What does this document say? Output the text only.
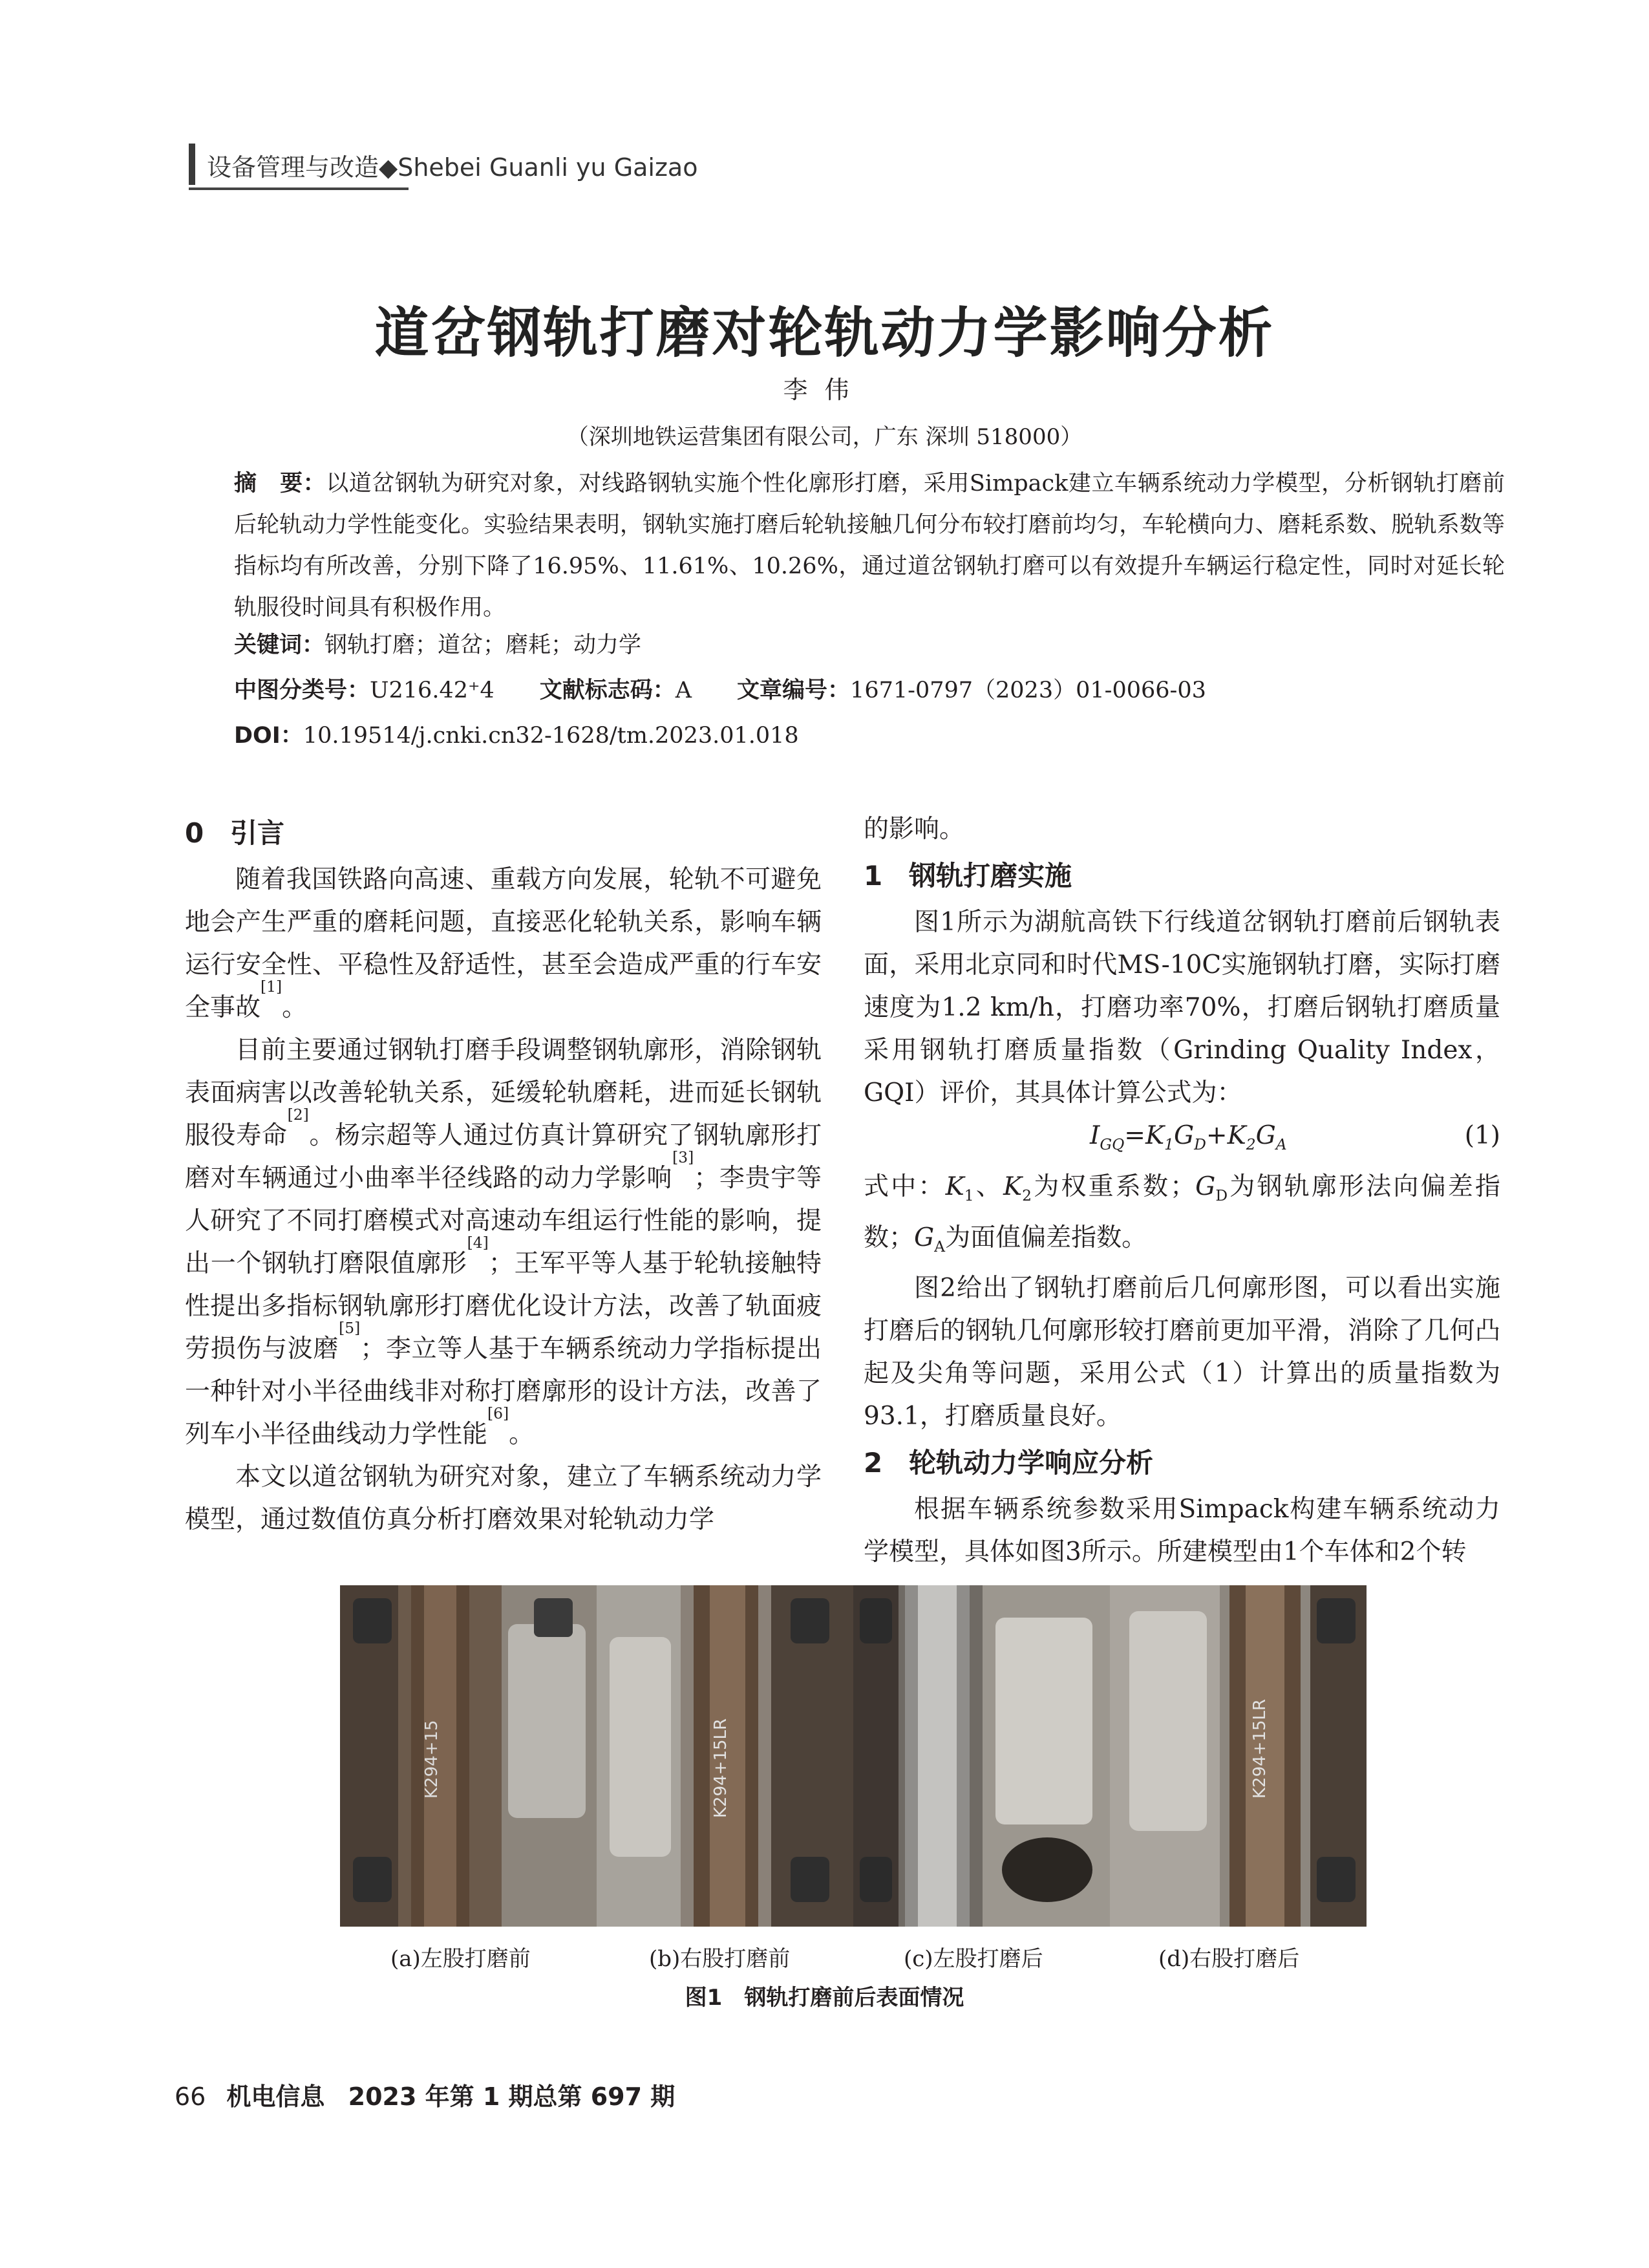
设备管理与改造◆Shebei Guanli yu Gaizao
道岔钢轨打磨对轮轨动力学影响分析
李伟
（深圳地铁运营集团有限公司，广东 深圳 518000）

摘　要：以道岔钢轨为研究对象，对线路钢轨实施个性化廓形打磨，采用Simpack建立车辆系统动力学模型，分析钢轨打磨前后轮轨动力学性能变化。实验结果表明，钢轨实施打磨后轮轨接触几何分布较打磨前均匀，车轮横向力、磨耗系数、脱轨系数等指标均有所改善，分别下降了16.95%、11.61%、10.26%，通过道岔钢轨打磨可以有效提升车辆运行稳定性，同时对延长轮轨服役时间具有积极作用。

关键词：钢轨打磨；道岔；磨耗；动力学
中图分类号：U216.42⁺4 文献标志码：A 文章编号：1671-0797（2023）01-0066-03
DOI：10.19514/j.cnki.cn32-1628/tm.2023.01.018
0 引言

随着我国铁路向高速、重载方向发展，轮轨不可避免地会产生严重的磨耗问题，直接恶化轮轨关系，影响车辆运行安全性、平稳性及舒适性，甚至会造成严重的行车安全事故[1]。

目前主要通过钢轨打磨手段调整钢轨廓形，消除钢轨表面病害以改善轮轨关系，延缓轮轨磨耗，进而延长钢轨服役寿命[2]。杨宗超等人通过仿真计算研究了钢轨廓形打磨对车辆通过小曲率半径线路的动力学影响[3]；李贵宇等人研究了不同打磨模式对高速动车组运行性能的影响，提出一个钢轨打磨限值廓形[4]；王军平等人基于轮轨接触特性提出多指标钢轨廓形打磨优化设计方法，改善了轨面疲劳损伤与波磨[5]；李立等人基于车辆系统动力学指标提出一种针对小半径曲线非对称打磨廓形的设计方法，改善了列车小半径曲线动力学性能[6]。

本文以道岔钢轨为研究对象，建立了车辆系统动力学模型，通过数值仿真分析打磨效果对轮轨动力学

的影响。

1 钢轨打磨实施

图1所示为湖航高铁下行线道岔钢轨打磨前后钢轨表面，采用北京同和时代MS-10C实施钢轨打磨，实际打磨速度为1.2 km/h，打磨功率70%，打磨后钢轨打磨质量采用钢轨打磨质量指数（Grinding Quality Index，GQI）评价，其具体计算公式为：

$I_{GQ}=K_1G_D+K_2G_A$	(1)

式中：$K_1$、$K_2$为权重系数；$G_D$为钢轨廓形法向偏差指数；$G_A$为面值偏差指数。

图2给出了钢轨打磨前后几何廓形图，可以看出实施打磨后的钢轨几何廓形较打磨前更加平滑，消除了几何凸起及尖角等问题，采用公式（1）计算出的质量指数为93.1，打磨质量良好。

2 轮轨动力学响应分析

根据车辆系统参数采用Simpack构建车辆系统动力学模型，具体如图3所示。所建模型由1个车体和2个转

K294+15	K294+15LR	K294+15LR
(a)左股打磨前	(b)右股打磨前	(c)左股打磨后	(d)右股打磨后
图1　钢轨打磨前后表面情况
66 机电信息 2023 年第 1 期总第 697 期
